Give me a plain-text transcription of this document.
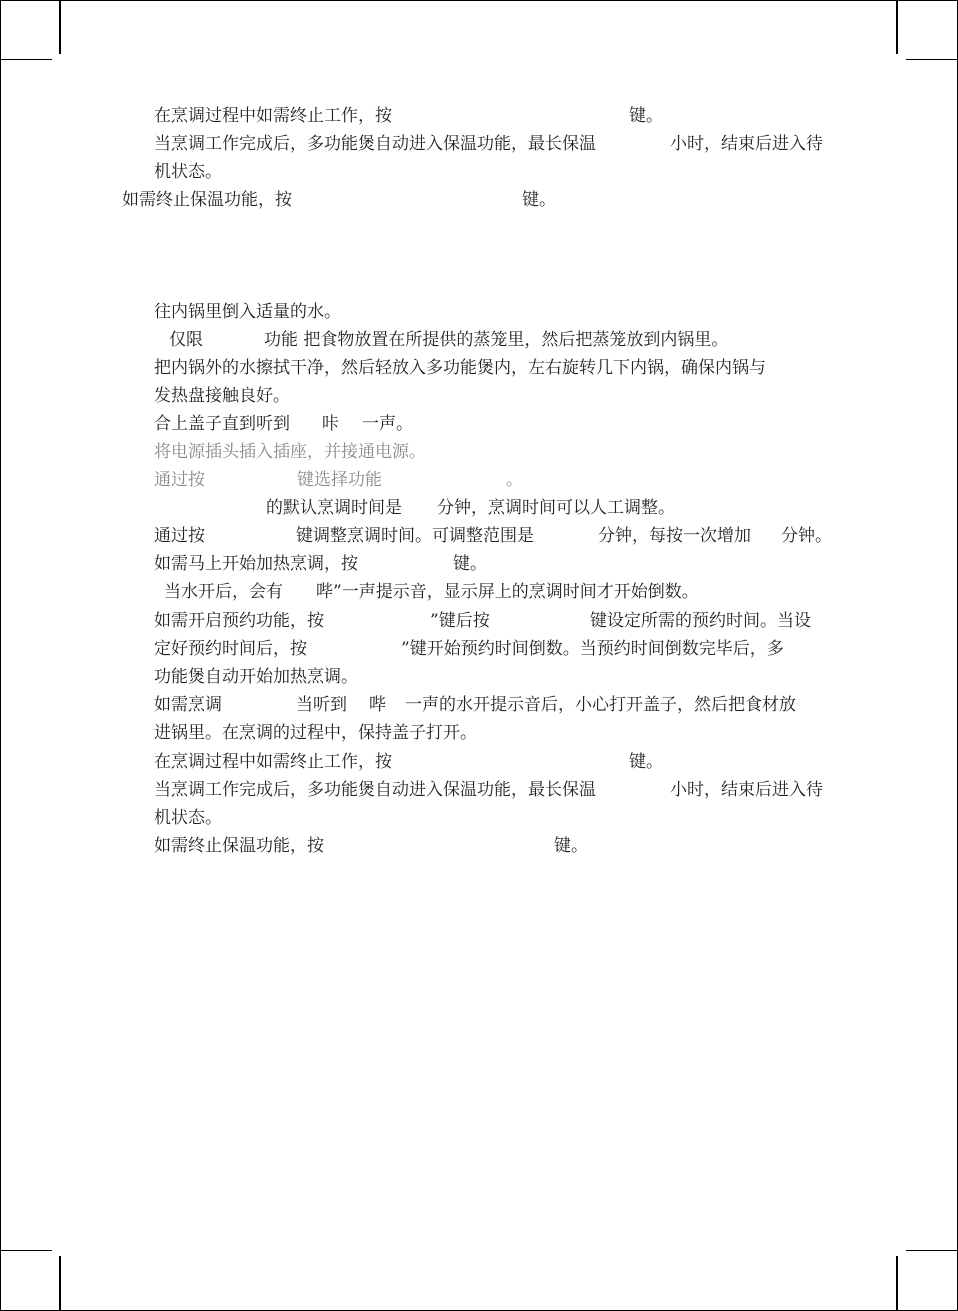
在烹调过程中如需终止工作，按	键。
当烹调工作完成后，多功能煲自动进入保温功能，最长保温	小时，结束后进入待
机状态。
如需终止保温功能，按	键。
往内锅里倒入适量的水。
仅限	功能 把食物放置在所提供的蒸笼里，然后把蒸笼放到内锅里。
把内锅外的水擦拭干净，然后轻放入多功能煲内，左右旋转几下内锅，确保内锅与
发热盘接触良好。
合上盖子直到听到 咔 一声。
将电源插头插入插座，并接通电源。
通过按	键选择功能	。
的默认烹调时间是 分钟，烹调时间可以人工调整。
通过按	键调整烹调时间。可调整范围是	分钟，每按一次增加 分钟。
如需马上开始加热烹调，按	键。
当水开后，会有 哔”一声提示音，显示屏上的烹调时间才开始倒数。
如需开启预约功能，按	”键后按	键设定所需的预约时间。当设
定好预约时间后，按	”键开始预约时间倒数。当预约时间倒数完毕后，多
功能煲自动开始加热烹调。
如需烹调	当听到 哔 一声的水开提示音后，小心打开盖子，然后把食材放
进锅里。在烹调的过程中，保持盖子打开。
在烹调过程中如需终止工作，按	键。
当烹调工作完成后，多功能煲自动进入保温功能，最长保温	小时，结束后进入待
机状态。
如需终止保温功能，按	键。
